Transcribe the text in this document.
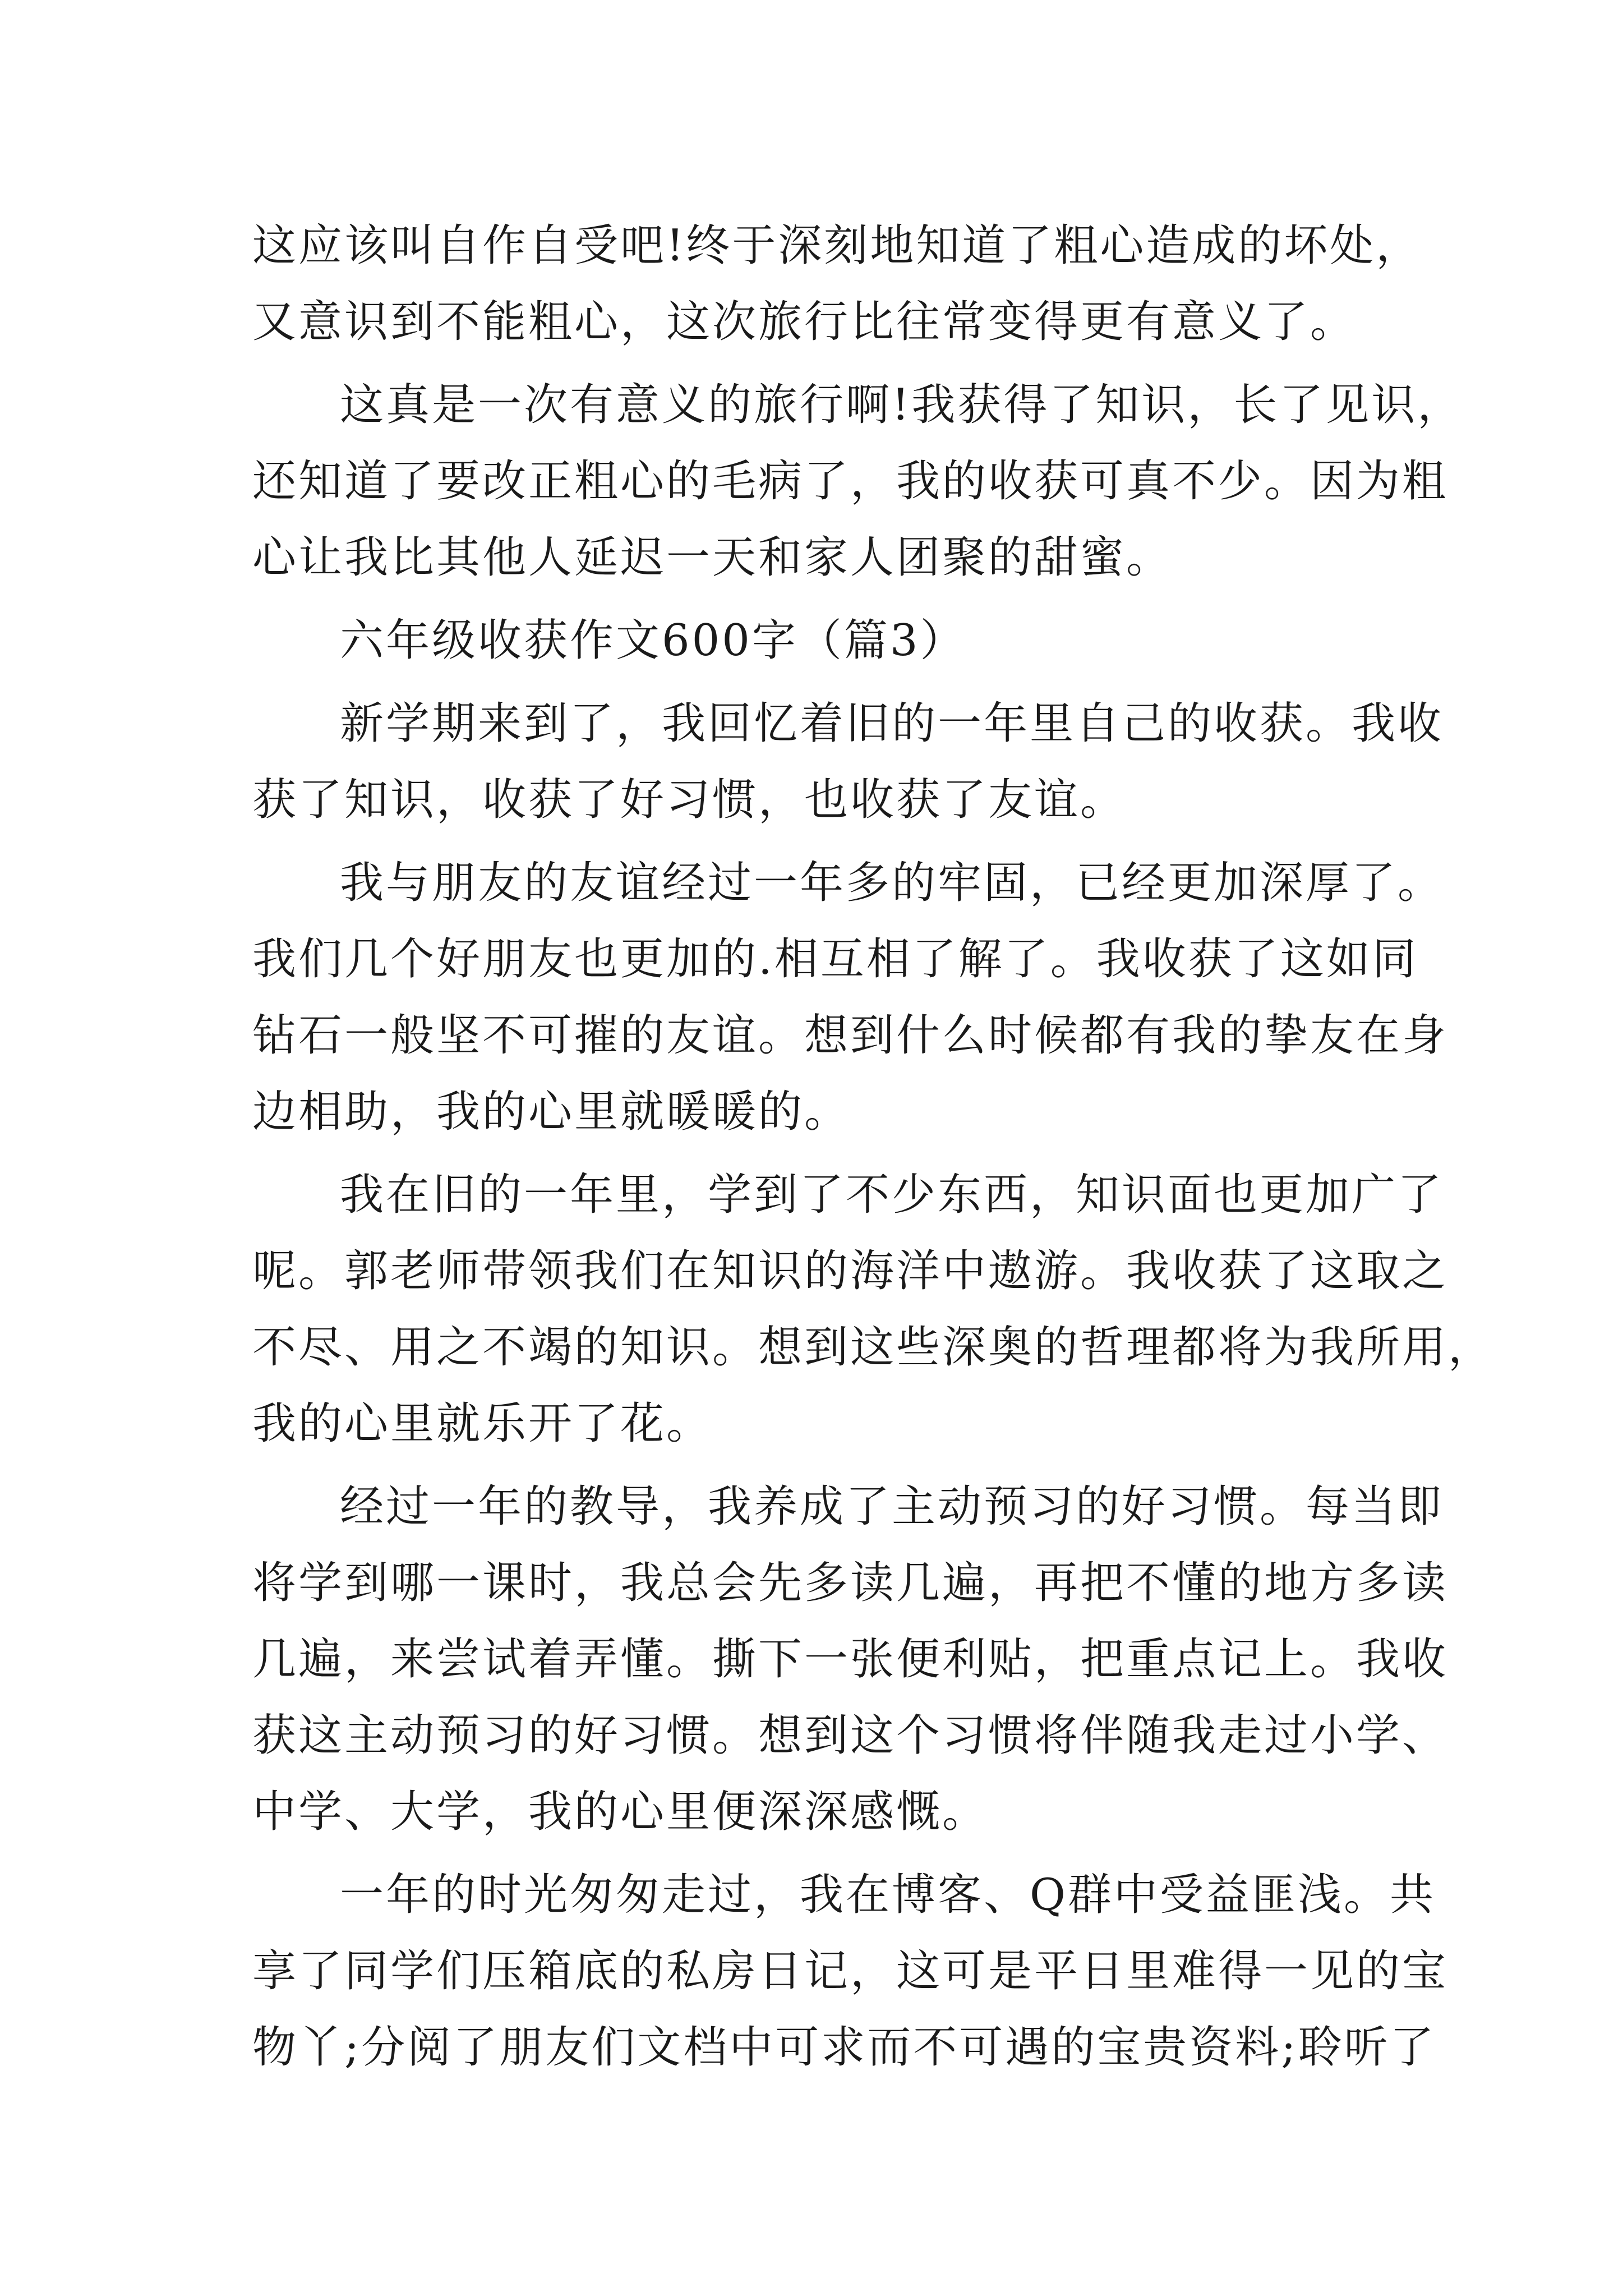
这应该叫自作自受吧!终于深刻地知道了粗心造成的坏处，
又意识到不能粗心，这次旅行比往常变得更有意义了。
这真是一次有意义的旅行啊!我获得了知识，长了见识，
还知道了要改正粗心的毛病了，我的收获可真不少。因为粗
心让我比其他人延迟一天和家人团聚的甜蜜。
六年级收获作文600字（篇3）
新学期来到了，我回忆着旧的一年里自己的收获。我收
获了知识，收获了好习惯，也收获了友谊。
我与朋友的友谊经过一年多的牢固，已经更加深厚了。
我们几个好朋友也更加的.相互相了解了。我收获了这如同
钻石一般坚不可摧的友谊。想到什么时候都有我的挚友在身
边相助，我的心里就暖暖的。
我在旧的一年里，学到了不少东西，知识面也更加广了
呢。郭老师带领我们在知识的海洋中遨游。我收获了这取之
不尽、用之不竭的知识。想到这些深奥的哲理都将为我所用，
我的心里就乐开了花。
经过一年的教导，我养成了主动预习的好习惯。每当即
将学到哪一课时，我总会先多读几遍，再把不懂的地方多读
几遍，来尝试着弄懂。撕下一张便利贴，把重点记上。我收
获这主动预习的好习惯。想到这个习惯将伴随我走过小学、
中学、大学，我的心里便深深感慨。
一年的时光匆匆走过，我在博客、Q群中受益匪浅。共
享了同学们压箱底的私房日记，这可是平日里难得一见的宝
物丫;分阅了朋友们文档中可求而不可遇的宝贵资料;聆听了
